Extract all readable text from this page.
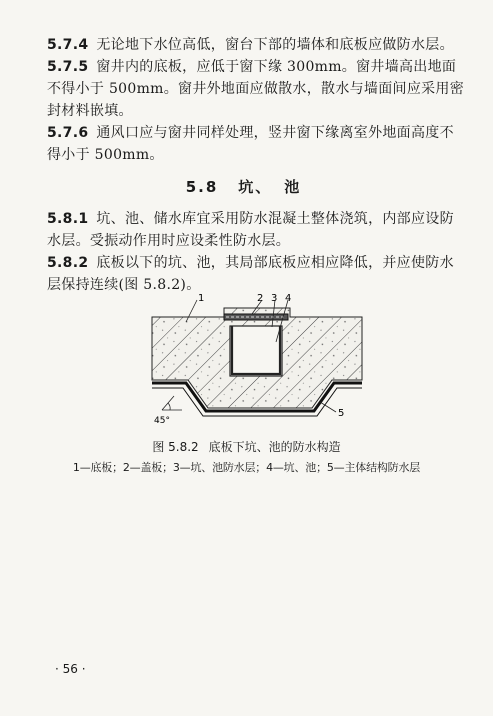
5.7.4 无论地下水位高低，窗台下部的墙体和底板应做防水层。
5.7.5 窗井内的底板，应低于窗下缘 300mm。窗井墙高出地面不得小于 500mm。窗井外地面应做散水，散水与墙面间应采用密封材料嵌填。
5.7.6 通风口应与窗井同样处理，竖井窗下缘离室外地面高度不得小于 500mm。
5.8 坑、 池
5.8.1 坑、池、储水库宜采用防水混凝土整体浇筑，内部应设防水层。受振动作用时应设柔性防水层。
5.8.2 底板以下的坑、池，其局部底板应相应降低，并应使防水层保持连续(图 5.8.2)。
1	2 3 4
5
45°
图 5.8.2 底板下坑、池的防水构造
1—底板；2—盖板；3—坑、池防水层；4—坑、池；5—主体结构防水层
· 56 ·
